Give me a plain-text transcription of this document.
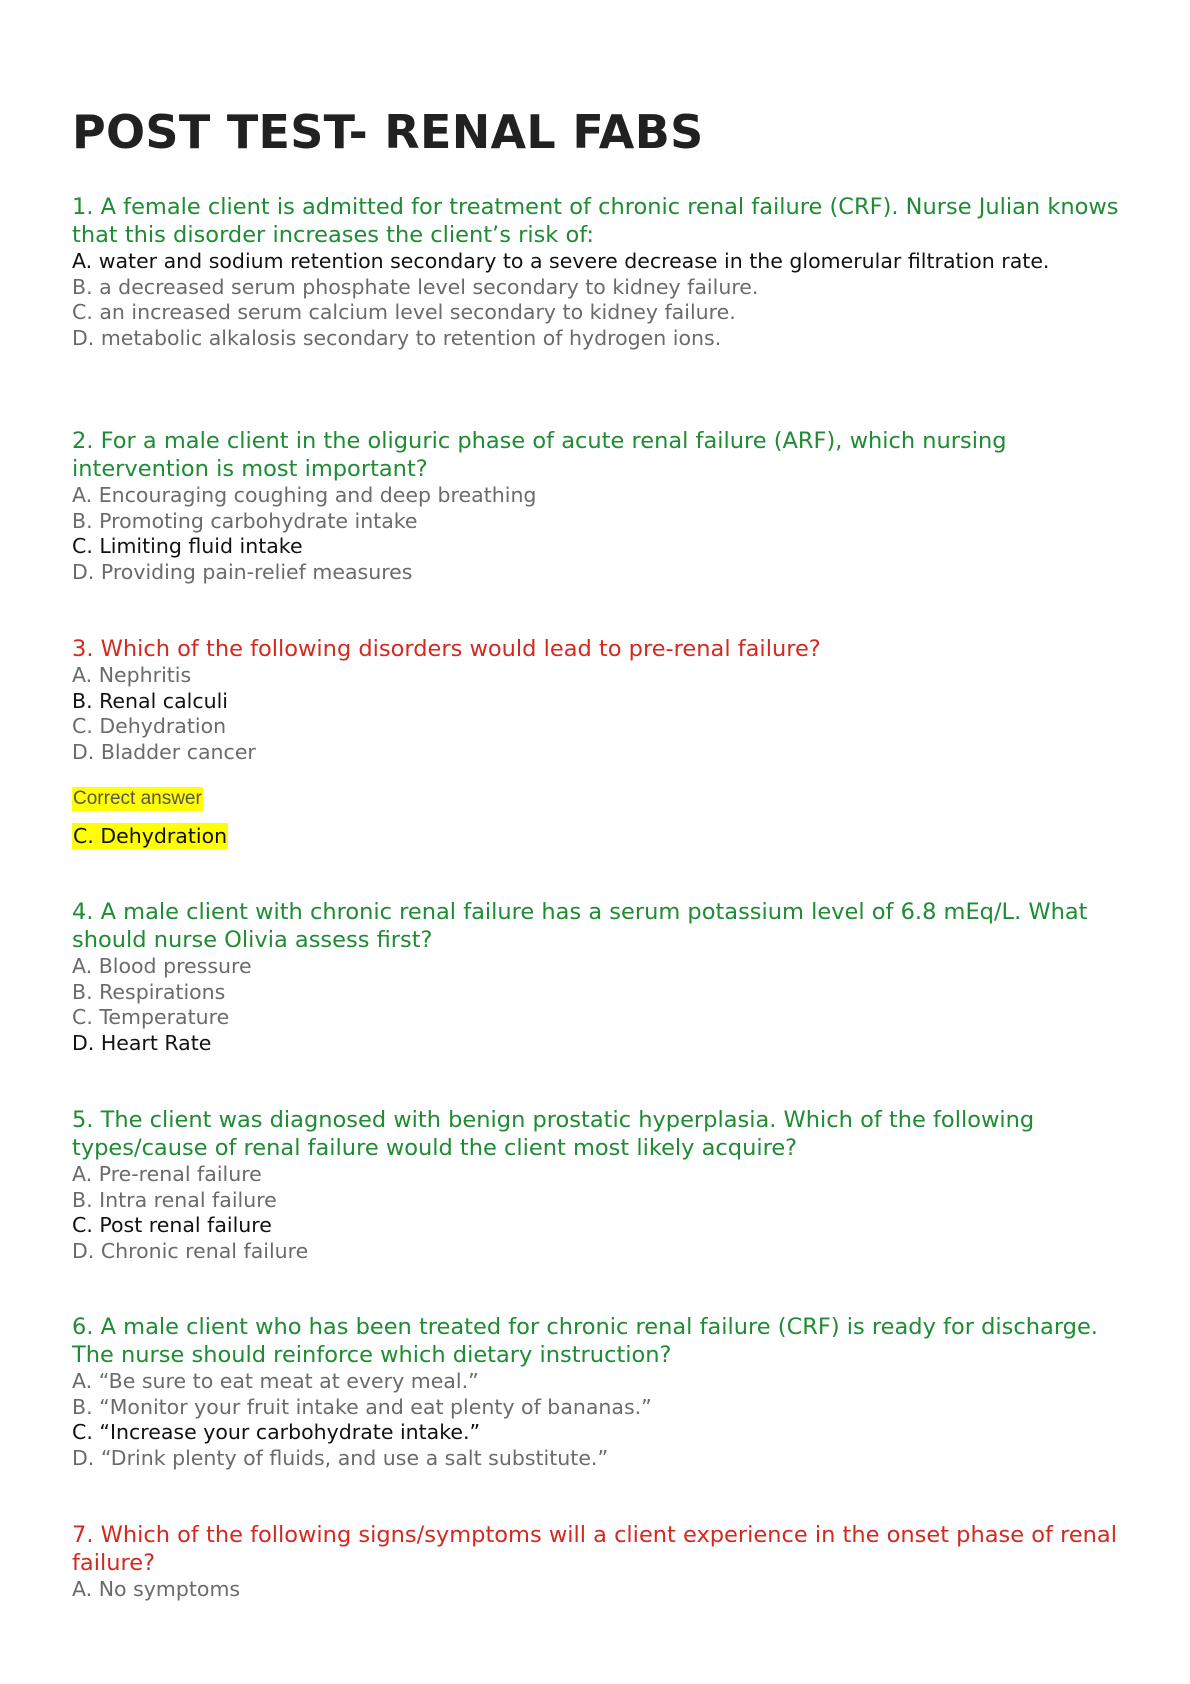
POST TEST- RENAL FABS

1. A female client is admitted for treatment of chronic renal failure (CRF). Nurse Julian knows that this disorder increases the client’s risk of:

A. water and sodium retention secondary to a severe decrease in the glomerular filtration rate.

B. a decreased serum phosphate level secondary to kidney failure.

C. an increased serum calcium level secondary to kidney failure.

D. metabolic alkalosis secondary to retention of hydrogen ions.

2. For a male client in the oliguric phase of acute renal failure (ARF), which nursing intervention is most important?

A. Encouraging coughing and deep breathing

B. Promoting carbohydrate intake

C. Limiting fluid intake

D. Providing pain-relief measures

3. Which of the following disorders would lead to pre-renal failure?

A. Nephritis

B. Renal calculi

C. Dehydration

D. Bladder cancer

Correct answer
C. Dehydration

4. A male client with chronic renal failure has a serum potassium level of 6.8 mEq/L. What should nurse Olivia assess first?

A. Blood pressure

B. Respirations

C. Temperature

D. Heart Rate

5. The client was diagnosed with benign prostatic hyperplasia. Which of the following types/cause of renal failure would the client most likely acquire?

A. Pre-renal failure

B. Intra renal failure

C. Post renal failure

D. Chronic renal failure

6. A male client who has been treated for chronic renal failure (CRF) is ready for discharge. The nurse should reinforce which dietary instruction?

A. “Be sure to eat meat at every meal.”

B. “Monitor your fruit intake and eat plenty of bananas.”

C. “Increase your carbohydrate intake.”

D. “Drink plenty of fluids, and use a salt substitute.”

7. Which of the following signs/symptoms will a client experience in the onset phase of renal failure?

A. No symptoms
